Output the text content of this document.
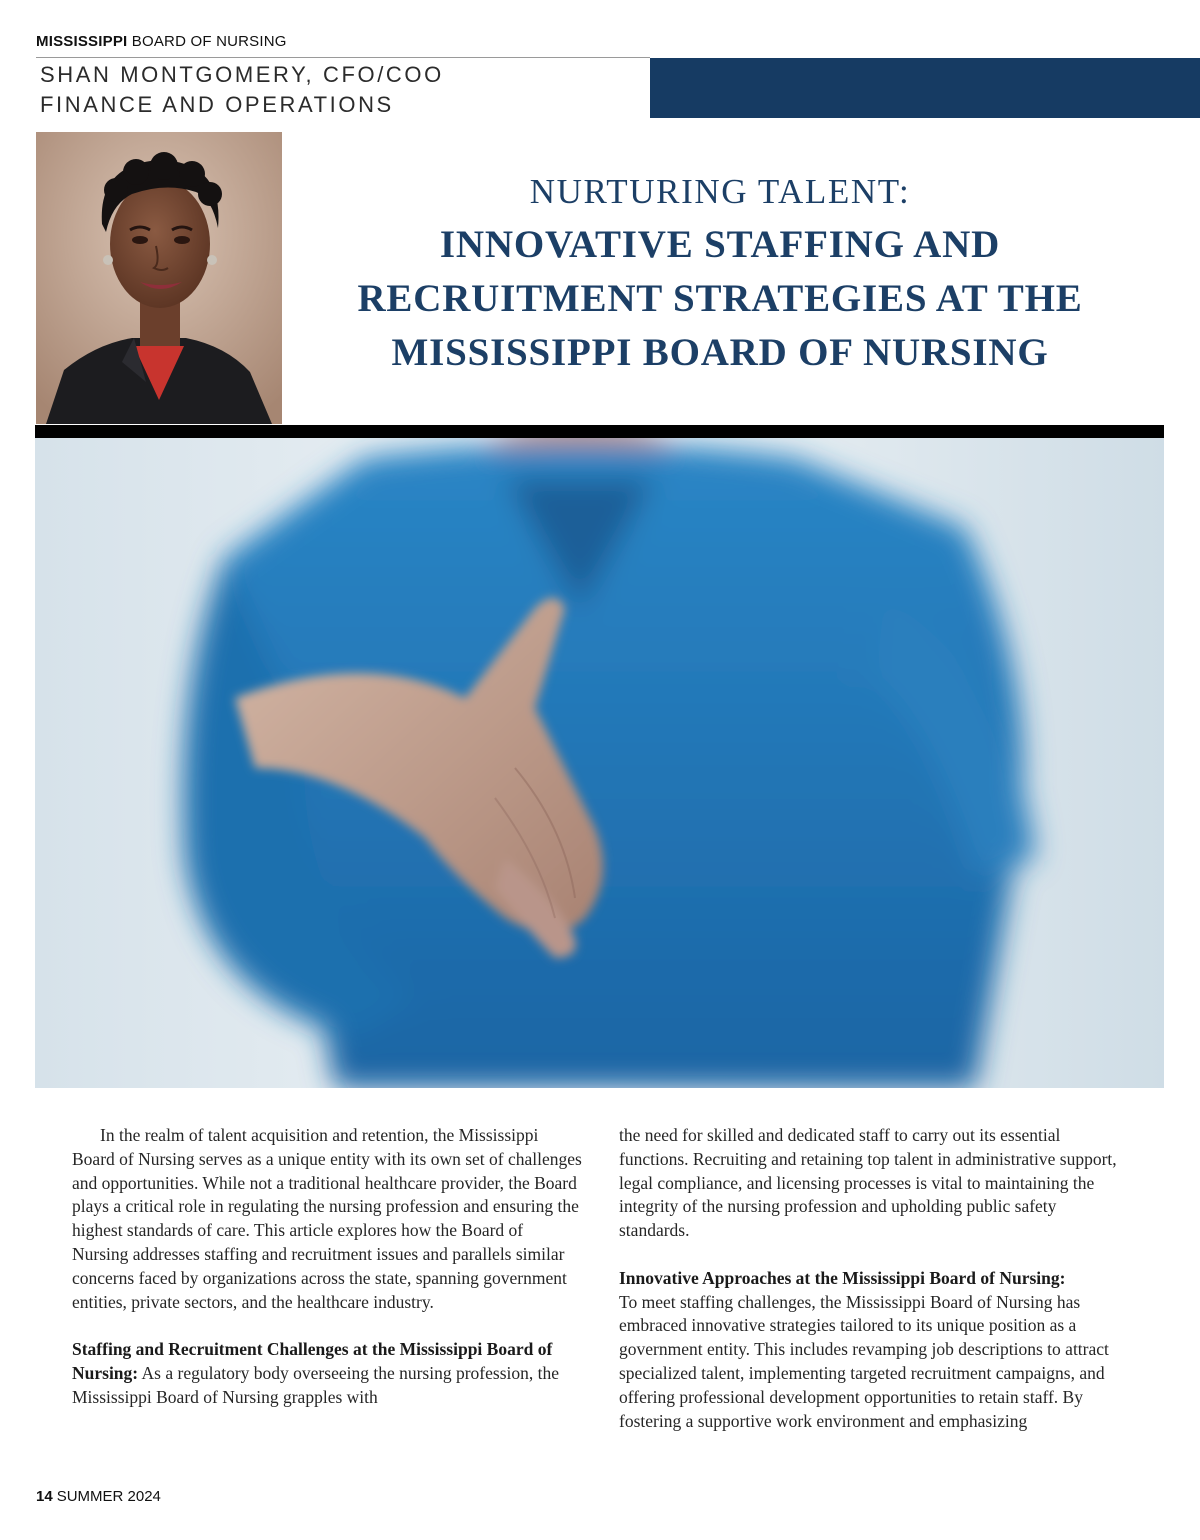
MISSISSIPPI BOARD OF NURSING
SHAN MONTGOMERY, CFO/COO
FINANCE AND OPERATIONS
NURTURING TALENT:
INNOVATIVE STAFFING AND
RECRUITMENT STRATEGIES AT THE
MISSISSIPPI BOARD OF NURSING

In the realm of talent acquisition and retention, the Mississippi Board of Nursing serves as a unique entity with its own set of challenges and opportunities. While not a traditional healthcare provider, the Board plays a critical role in regulating the nursing profession and ensuring the highest standards of care. This article explores how the Board of Nursing addresses staffing and recruitment issues and parallels similar concerns faced by organizations across the state, spanning government entities, private sectors, and the healthcare industry.

Staffing and Recruitment Challenges at the Mississippi Board of Nursing: As a regulatory body overseeing the nursing profession, the Mississippi Board of Nursing grapples with

the need for skilled and dedicated staff to carry out its essential functions. Recruiting and retaining top talent in administrative support, legal compliance, and licensing processes is vital to maintaining the integrity of the nursing profession and upholding public safety standards.

Innovative Approaches at the Mississippi Board of Nursing:

To meet staffing challenges, the Mississippi Board of Nursing has embraced innovative strategies tailored to its unique position as a government entity. This includes revamping job descriptions to attract specialized talent, implementing targeted recruitment campaigns, and offering professional development opportunities to retain staff. By fostering a supportive work environment and emphasizing

14 SUMMER 2024
